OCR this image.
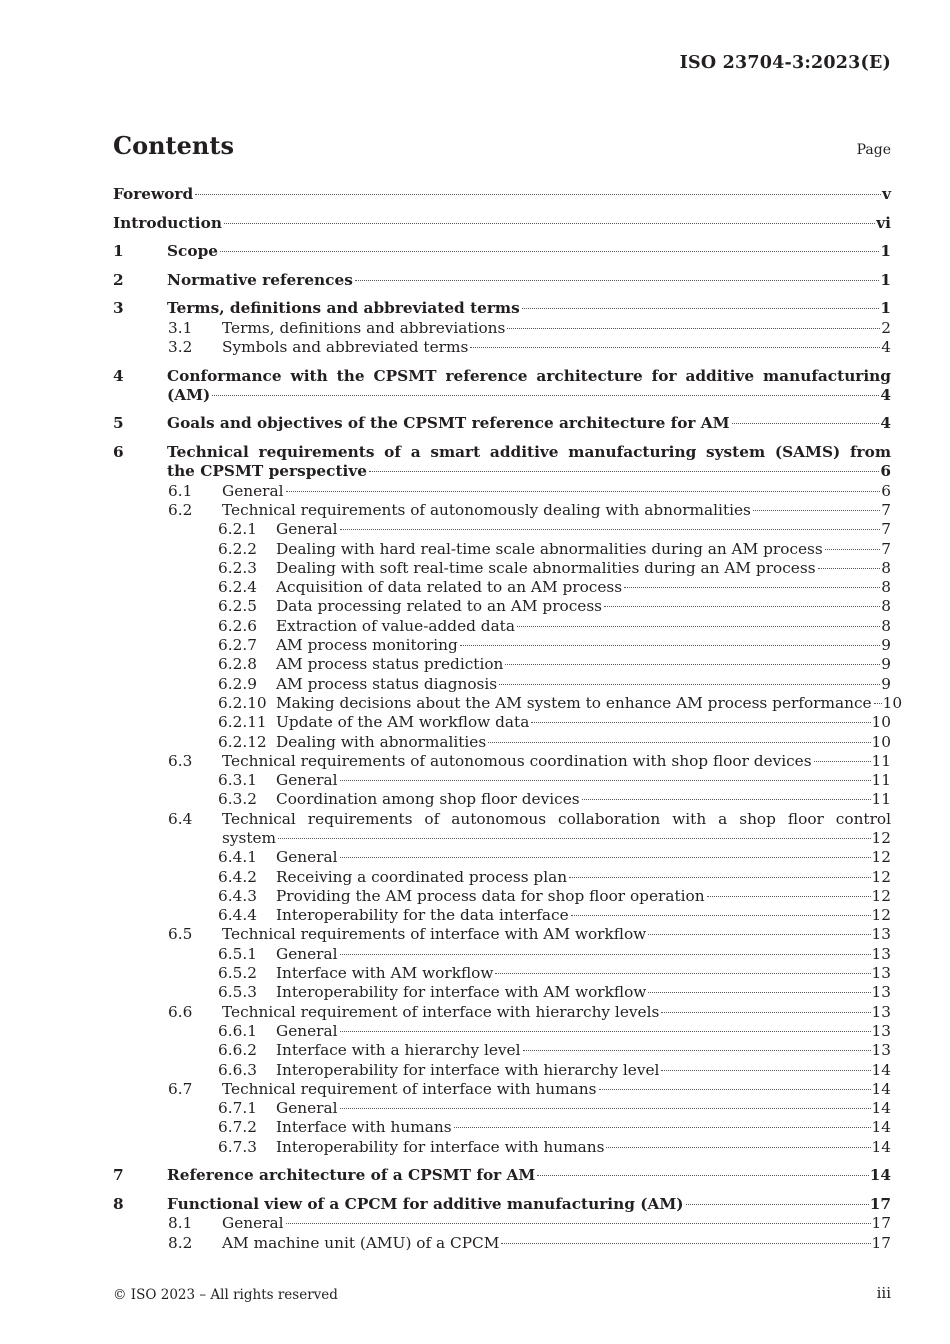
ISO 23704-3:2023(E)
Contents	Page
Foreword	v
Introduction	vi
1	Scope	1
2	Normative references	1
3	Terms, definitions and abbreviated terms	1
3.1 Terms, definitions and abbreviations	2
3.2 Symbols and abbreviated terms	4
4	Conformance with the CPSMT reference architecture for additive manufacturing
(AM)	4
5	Goals and objectives of the CPSMT reference architecture for AM	4
6	Technical requirements of a smart additive manufacturing system (SAMS) from
the CPSMT perspective	6
6.1 General	6
6.2 Technical requirements of autonomously dealing with abnormalities	7
6.2.1 General	7
6.2.2 Dealing with hard real-time scale abnormalities during an AM process	7
6.2.3 Dealing with soft real-time scale abnormalities during an AM process	8
6.2.4 Acquisition of data related to an AM process	8
6.2.5 Data processing related to an AM process	8
6.2.6 Extraction of value-added data	8
6.2.7 AM process monitoring	9
6.2.8 AM process status prediction	9
6.2.9 AM process status diagnosis	9
6.2.10 Making decisions about the AM system to enhance AM process performance 10
6.2.11 Update of the AM workflow data	10
6.2.12 Dealing with abnormalities	10
6.3 Technical requirements of autonomous coordination with shop floor devices	11
6.3.1 General	11
6.3.2 Coordination among shop floor devices	11
6.4 Technical requirements of autonomous collaboration with a shop floor control
system	12
6.4.1 General	12
6.4.2 Receiving a coordinated process plan	12
6.4.3 Providing the AM process data for shop floor operation	12
6.4.4 Interoperability for the data interface	12
6.5 Technical requirements of interface with AM workflow	13
6.5.1 General	13
6.5.2 Interface with AM workflow	13
6.5.3 Interoperability for interface with AM workflow	13
6.6 Technical requirement of interface with hierarchy levels	13
6.6.1 General	13
6.6.2 Interface with a hierarchy level	13
6.6.3 Interoperability for interface with hierarchy level	14
6.7 Technical requirement of interface with humans	14
6.7.1 General	14
6.7.2 Interface with humans	14
6.7.3 Interoperability for interface with humans	14
7	Reference architecture of a CPSMT for AM	14
8	Functional view of a CPCM for additive manufacturing (AM)	17
8.1 General	17
8.2 AM machine unit (AMU) of a CPCM	17
© ISO 2023 – All rights reserved	iii
